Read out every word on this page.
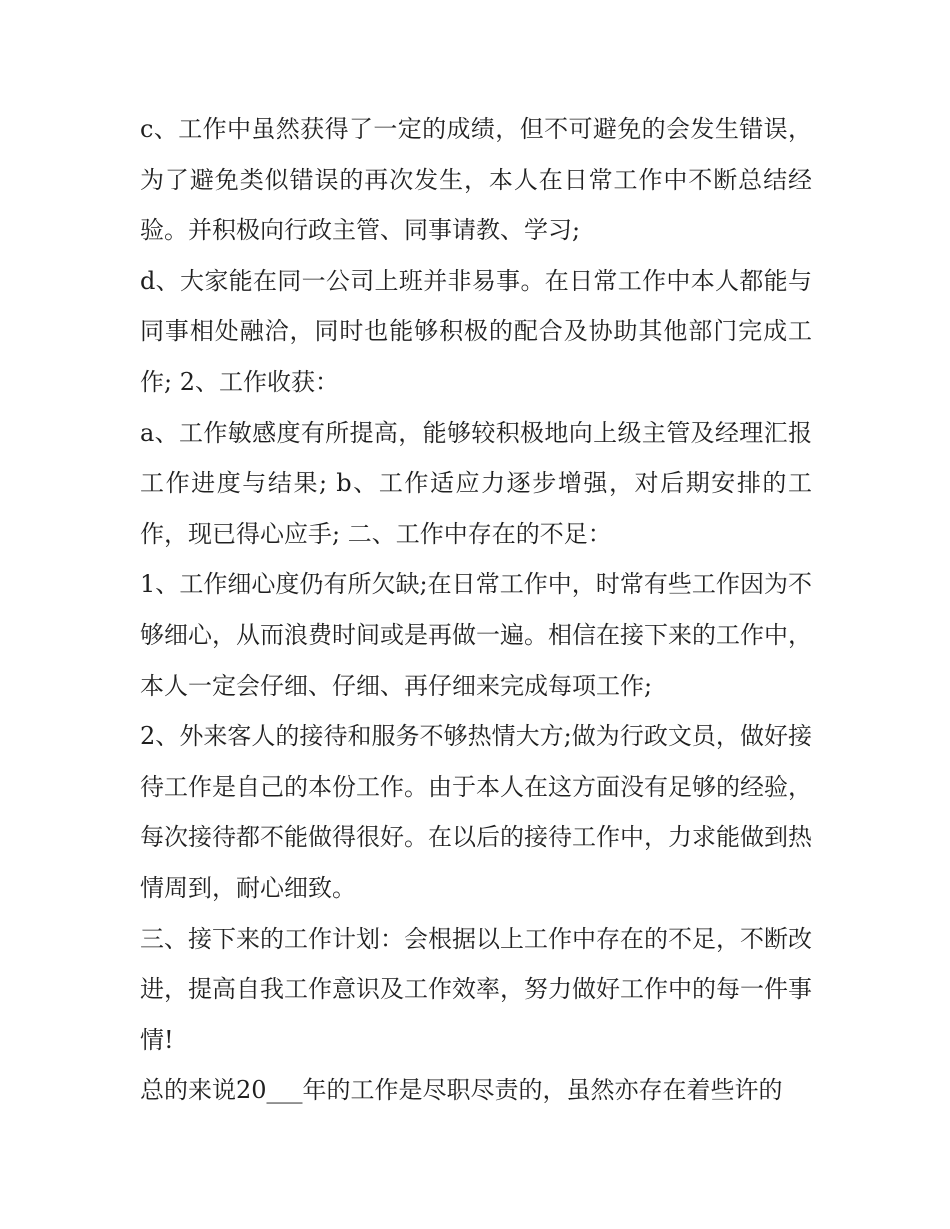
c、工作中虽然获得了一定的成绩，但不可避免的会发生错误，为了避免类似错误的再次发生，本人在日常工作中不断总结经验。并积极向行政主管、同事请教、学习;

d、大家能在同一公司上班并非易事。在日常工作中本人都能与同事相处融洽，同时也能够积极的配合及协助其他部门完成工作; 2、工作收获：

a、工作敏感度有所提高，能够较积极地向上级主管及经理汇报工作进度与结果; b、工作适应力逐步增强，对后期安排的工作，现已得心应手; 二、工作中存在的不足：

1、工作细心度仍有所欠缺;在日常工作中，时常有些工作因为不够细心，从而浪费时间或是再做一遍。相信在接下来的工作中，本人一定会仔细、仔细、再仔细来完成每项工作;

2、外来客人的接待和服务不够热情大方;做为行政文员，做好接待工作是自己的本份工作。由于本人在这方面没有足够的经验，每次接待都不能做得很好。在以后的接待工作中，力求能做到热情周到，耐心细致。

三、接下来的工作计划：会根据以上工作中存在的不足，不断改进，提高自我工作意识及工作效率，努力做好工作中的每一件事情!

总的来说20___年的工作是尽职尽责的，虽然亦存在着些许的
